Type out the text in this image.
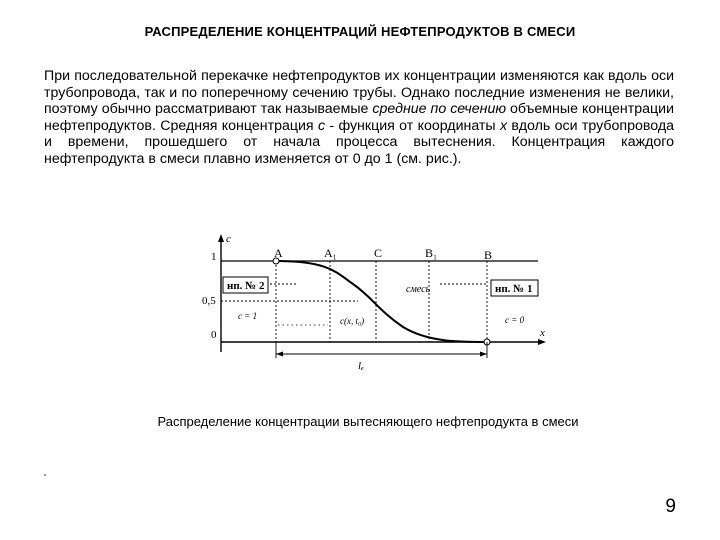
РАСПРЕДЕЛЕНИЕ КОНЦЕНТРАЦИЙ НЕФТЕПРОДУКТОВ В СМЕСИ

При последовательной перекачке нефтепродуктов их концентрации изменяются как вдоль оси трубопровода, так и по поперечному сечению трубы. Однако последние изменения не велики, поэтому обычно рассматривают так называемые средние по сечению объемные концентрации нефтепродуктов. Средняя концентрация c - функция от координаты x вдоль оси трубопровода и времени, прошедшего от начала процесса вытеснения. Концентрация каждого нефтепродукта в смеси плавно изменяется от 0 до 1 (см. рис.).

c
x
1
0,5
0
A	A₁	C	B₁	B
нп. № 2	нп. № 1
смесь
c = 1	c = 0
c(x, t₀)
lₑ
Распределение концентрации вытесняющего нефтепродукта в смеси
9
